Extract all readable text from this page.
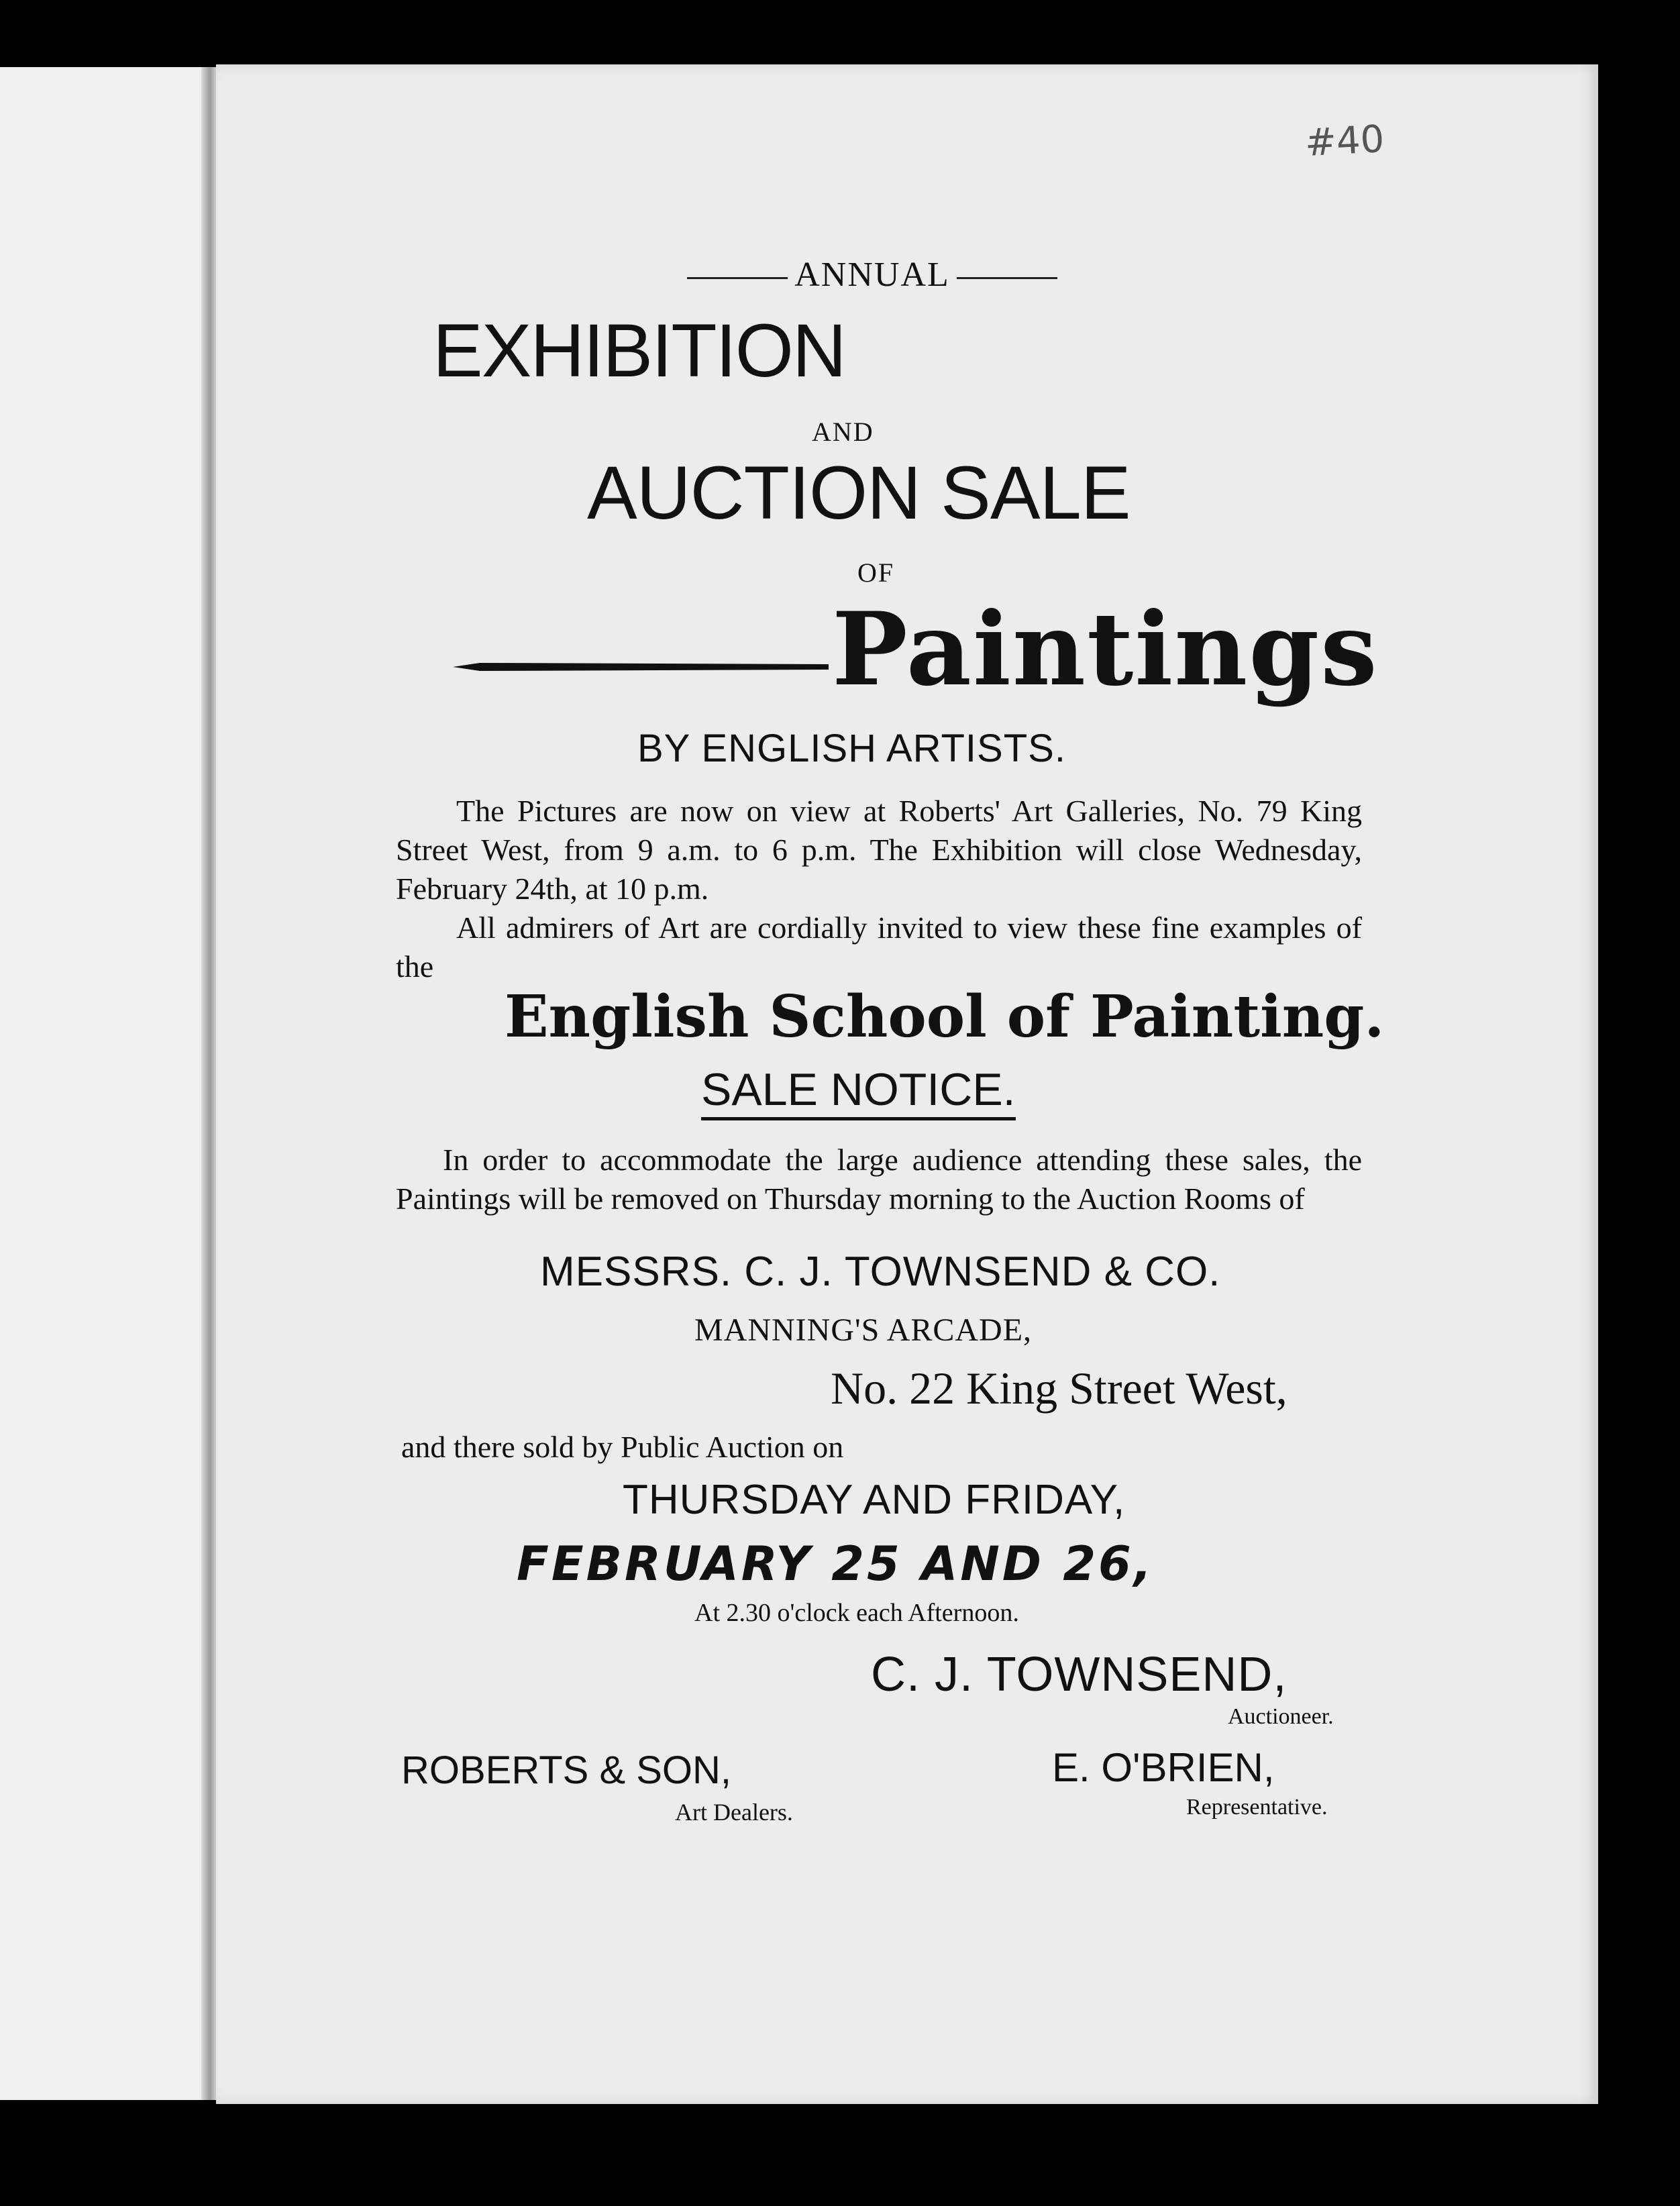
#40
ANNUAL
EXHIBITION
AND
AUCTION SALE
OF
Paintings
BY ENGLISH ARTISTS.
The Pictures are now on view at Roberts' Art Galleries, No. 79 King Street West, from 9 a.m. to 6 p.m. The Exhibition will close Wednesday, February 24th, at 10 p.m.
All admirers of Art are cordially invited to view these fine examples of the
English School of Painting.
SALE NOTICE.
In order to accommodate the large audience attending these sales, the Paintings will be removed on Thursday morning to the Auction Rooms of
MESSRS. C. J. TOWNSEND & CO.
MANNING'S ARCADE,
No. 22 King Street West,
and there sold by Public Auction on
THURSDAY AND FRIDAY,
FEBRUARY 25 AND 26,
At 2.30 o'clock each Afternoon.
C. J. TOWNSEND,
Auctioneer.
ROBERTS & SON,
Art Dealers.
E. O'BRIEN,
Representative.
